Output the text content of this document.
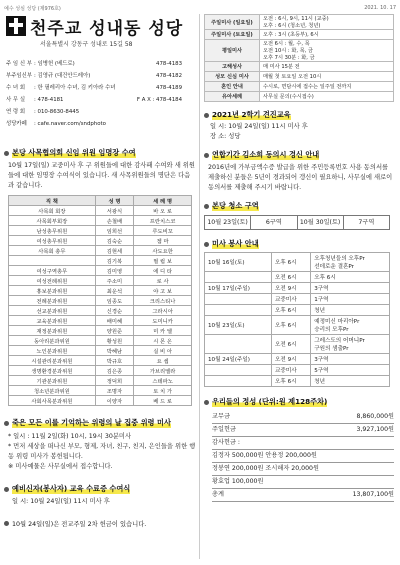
예수 성심 성당 (제976호)	2021. 10. 17
천주교 성내동 성당
서울특별시 강동구 성내로 15길 58
주 임 신 부 : 임병헌 (베드로)	478-4183
부주임신부 : 김영규 (대건안드레아)	478-4182
수 녀 회 : 한 필레리아 수녀, 김 키아라 수녀	478-4189
사 무 실 : 478-4181	F A X : 478-4184
연 령 회 : 010-8630-8445
성당카페 : cafe.naver.com/sndphoto
본당 사목협의회 신임 위원 임명장 수여
10월 17일(일) 교중미사 후 구 위원들에 대한 감사패 수여와 새 위원들에 대한 임명장 수여식이 있습니다. 새 사목위원들의 명단은 다음과 같습니다.
직 책	성 명	세 례 명
사목회 회장	서광식	바 오 로
사목회부회장	손철배	프란치스코
남성총무위원	임희선	루도비꼬
여성총무위원	김숙순	젬 마
사목회 총무	김현세	사도요한
	김기복	필 립 보
여성구역총무	김미영	에 디 타
여성전례위원	주소미	로 사
홍보분과위원	최운석	야 고 보
전례분과위원	임종도	크리스티나
선교분과위원	신경순	그라시아
교육분과위원	배미혜	도미니카
재정분과위원	양원준	미 카 엘
동아리분과위원	황성원	시 몬 온
노인분과위원	박혜남	실 비 아
시설관리분과위원	박규호	요 셉
생명환경분과위원	김은종	가브리엘라
기관분과위원	정덕희	스테파노
청소년분과위원	조명자	토 치 가
사회사목분과위원	이양자	베 드 로
죽은 모든 이를 기억하는 위령의 날 집중 위령 미사
* 일시 : 11월 2일(화) 10시, 19시 30분미사
* 먼저 세상을 떠나신 부모, 형제, 자녀, 친구, 친지, 은인들을 위한 행동 위령 미사가 봉헌됩니다.
※ 미사예물은 사무실에서 접수합니다.
예비신자(봉사자) 교육 수료증 수여식
일 시: 10월 24일(일) 11시 미사 후
10월 24일(일)은 전교주일 2차 헌금이 있습니다.
주일미사 (일요일)	오전 : 6시, 9시, 11시 (교중)
오후 : 6시 (청소년, 청년)

주일미사 (토요일)	오후 : 3시 (초등부), 6시

평일미사	오전 6시 : 월, 수, 목
오전 10시 : 화, 목, 금
오후 7시 30분 : 화, 금

고해성사	매 미사 15분 전

성모 신심 미사	매월 첫 토요일 오전 10시

혼인 안내	수시로, 면담시에 접수는 일주일 전까지

유아세례	사무실 문의(수시접수)
2021년 2학기 견진교육
일 시: 10월 24일(일) 11시 미사 후
장 소: 성당
연합기간 김소희 동의시 경신 안내
2016년에 가부금액수증 발급을 위한 주민등록번호 사용 동의서를 제출하신 분들은 5년이 경과되어 갱신이 필요하니, 사무실에 새로이 동의서를 제출해 주시기 바랍니다.
본당 청소 구역
10월 23일(토)	6구역	10월 30일(토)	7구역
미사 봉사 안내
10월 16일(토)	오후 6시	오후청년들의 오후Pr
선데로운 결혼Pr

	오전 6시	오후 6시

10월 17일(주일)	오전 9시	3구역

	교중미사	1구역

	오후 6시	청년

10월 23일(토)	오후 6시	예정미신 마리아Pr
승리의 모후Pr

	오전 6시	그레스도의 어머니Pr
구원의 샘출Pr

10월 24일(주일)	오전 9시	3구역

	교중미사	5구역

	오후 6시	청년
우리들의 정성 (단위:원 제128주차)
교무금	8,860,000원
주일헌금	3,927,100원
감사헌금 :
김정자 500,000원 안용정 200,000원
정봉연 200,000원 조시해자 20,000원
황효업 100,000원
총계	13,807,100원
